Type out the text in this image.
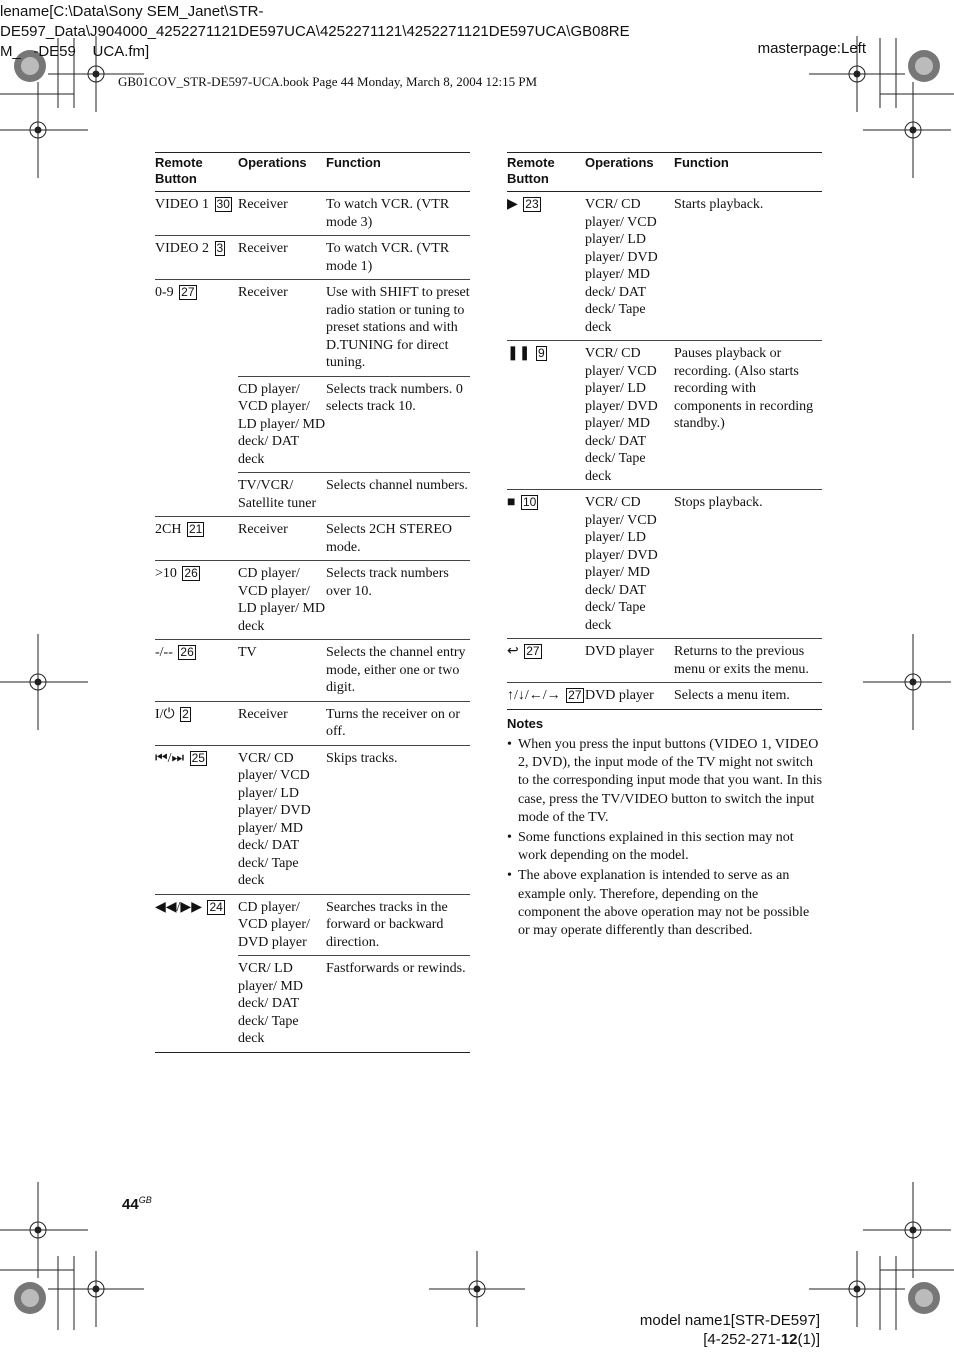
lename[C:\Data\Sony SEM_Janet\STR-
DE597_Data\J904000_4252271121DE597UCA\4252271121\4252271121DE597UCA\GB08RE
M_   -DE59    UCA.fm]	masterpage:Left
GB01COV_STR-DE597-UCA.book Page 44 Monday, March 8, 2004 12:15 PM
Remote Button	Operations	Function
VIDEO 1 30	Receiver	To watch VCR. (VTR mode 3)
VIDEO 2 3	Receiver	To watch VCR. (VTR mode 1)
0-9 27	Receiver	Use with SHIFT to preset radio station or tuning to preset stations and with D.TUNING for direct tuning.
	CD player/ VCD player/ LD player/ MD deck/ DAT deck	Selects track numbers. 0 selects track 10.
	TV/VCR/ Satellite tuner	Selects channel numbers.
2CH 21	Receiver	Selects 2CH STEREO mode.
>10 26	CD player/ VCD player/ LD player/ MD deck	Selects track numbers over 10.
-/-- 26	TV	Selects the channel entry mode, either one or two digit.
I/⏻ 2	Receiver	Turns the receiver on or off.
⏮/⏭ 25	VCR/ CD player/ VCD player/ LD player/ DVD player/ MD deck/ DAT deck/ Tape deck	Skips tracks.
◀◀/▶▶ 24	CD player/ VCD player/ DVD player	Searches tracks in the forward or backward direction.
	VCR/ LD player/ MD deck/ DAT deck/ Tape deck	Fastforwards or rewinds.
Remote Button	Operations	Function
▶ 23	VCR/ CD player/ VCD player/ LD player/ DVD player/ MD deck/ DAT deck/ Tape deck	Starts playback.
❚❚ 9	VCR/ CD player/ VCD player/ LD player/ DVD player/ MD deck/ DAT deck/ Tape deck	Pauses playback or recording. (Also starts recording with components in recording standby.)
■ 10	VCR/ CD player/ VCD player/ LD player/ DVD player/ MD deck/ DAT deck/ Tape deck	Stops playback.
↩ 27	DVD player	Returns to the previous menu or exits the menu.
↑/↓/←/→ 27	DVD player	Selects a menu item.
Notes
• When you press the input buttons (VIDEO 1, VIDEO 2, DVD), the input mode of the TV might not switch to the corresponding input mode that you want. In this case, press the TV/VIDEO button to switch the input mode of the TV.
• Some functions explained in this section may not work depending on the model.
• The above explanation is intended to serve as an example only. Therefore, depending on the component the above operation may not be possible or may operate differently than described.
$44^{GB}$
model name1[STR-DE597]
[4-252-271-12(1)]
